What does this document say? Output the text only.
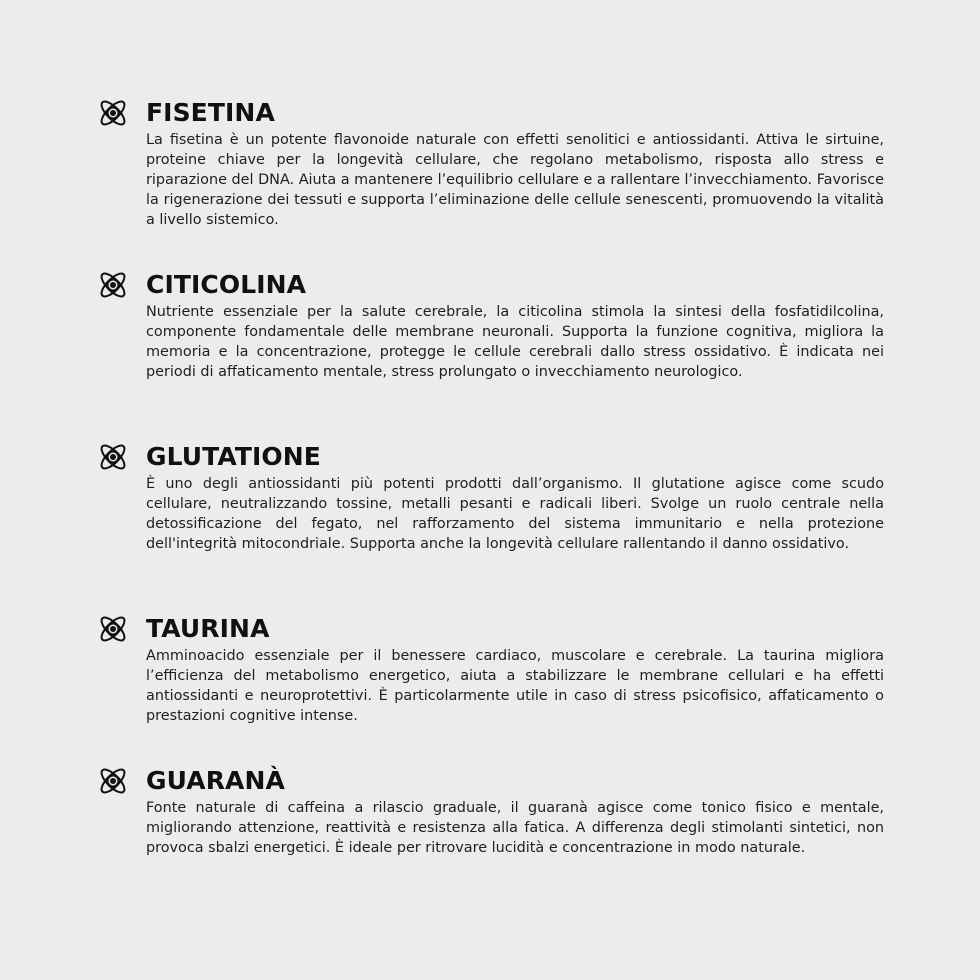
FISETINA

La fisetina è un potente flavonoide naturale con effetti senolitici e antiossidanti. Attiva le sirtuine, proteine chiave per la longevità cellulare, che regolano metabolismo, risposta allo stress e riparazione del DNA. Aiuta a mantenere l’equilibrio cellulare e a rallentare l’invecchiamento. Favorisce la rigenerazione dei tessuti e supporta l’eliminazione delle cellule senescenti, promuovendo la vitalità a livello sistemico.

CITICOLINA

Nutriente essenziale per la salute cerebrale, la citicolina stimola la sintesi della fosfatidilcolina, componente fondamentale delle membrane neuronali. Supporta la funzione cognitiva, migliora la memoria e la concentrazione, protegge le cellule cerebrali dallo stress ossidativo. È indicata nei periodi di affaticamento mentale, stress prolungato o invecchiamento neurologico.

GLUTATIONE

È uno degli antiossidanti più potenti prodotti dall’organismo. Il glutatione agisce come scudo cellulare, neutralizzando tossine, metalli pesanti e radicali liberi. Svolge un ruolo centrale nella detossificazione del fegato, nel rafforzamento del sistema immunitario e nella protezione dell'integrità mitocondriale. Supporta anche la longevità cellulare rallentando il danno ossidativo.

TAURINA

Amminoacido essenziale per il benessere cardiaco, muscolare e cerebrale. La taurina migliora l’efficienza del metabolismo energetico, aiuta a stabilizzare le membrane cellulari e ha effetti antiossidanti e neuroprotettivi. È particolarmente utile in caso di stress psicofisico, affaticamento o prestazioni cognitive intense.

GUARANÀ

Fonte naturale di caffeina a rilascio graduale, il guaranà agisce come tonico fisico e mentale, migliorando attenzione, reattività e resistenza alla fatica. A differenza degli stimolanti sintetici, non provoca sbalzi energetici. È ideale per ritrovare lucidità e concentrazione in modo naturale.
